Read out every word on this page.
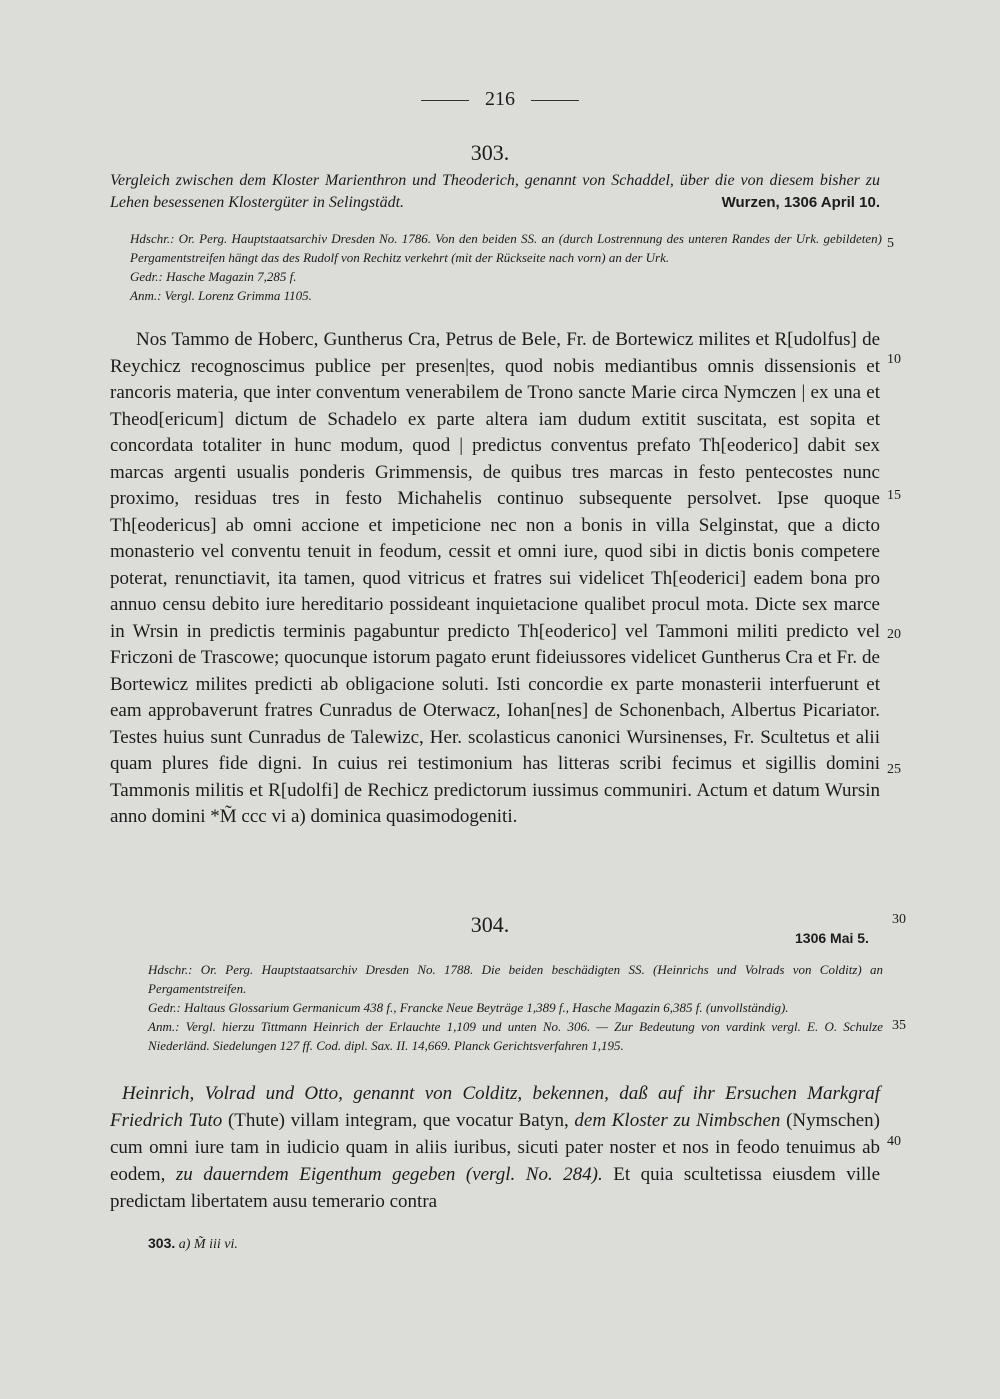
216
303.
Vergleich zwischen dem Kloster Marienthron und Theoderich, genannt von Schaddel, über die von diesem bisher zu Lehen besessenen Klostergüter in Selingstädt.	Wurzen, 1306 April 10.
Hdschr.: Or. Perg. Hauptstaatsarchiv Dresden No. 1786. Von den beiden SS. an (durch Lostrennung des unteren Randes der Urk. gebildeten) Pergamentstreifen hängt das des Rudolf von Rechitz verkehrt (mit der Rückseite nach vorn) an der Urk.
Gedr.: Hasche Magazin 7,285 f.
Anm.: Vergl. Lorenz Grimma 1105.
Nos Tammo de Hoberc, Guntherus Cra, Petrus de Bele, Fr. de Bortewicz milites et R[udolfus] de Reychicz recognoscimus publice per presen|tes, quod nobis mediantibus omnis dissensionis et rancoris materia, que inter conventum venerabilem de Trono sancte Marie circa Nymczen | ex una et Theod[ericum] dictum de Schadelo ex parte altera iam dudum extitit suscitata, est sopita et concordata totaliter in hunc modum, quod | predictus conventus prefato Th[eoderico] dabit sex marcas argenti usualis ponderis Grimmensis, de quibus tres marcas in festo pentecostes nunc proximo, residuas tres in festo Michahelis continuo subsequente persolvet. Ipse quoque Th[eodericus] ab omni accione et impeticione nec non a bonis in villa Selginstat, que a dicto monasterio vel conventu tenuit in feodum, cessit et omni iure, quod sibi in dictis bonis competere poterat, renunctiavit, ita tamen, quod vitricus et fratres sui videlicet Th[eoderici] eadem bona pro annuo censu debito iure hereditario possideant inquietacione qualibet procul mota. Dicte sex marce in Wrsin in predictis terminis pagabuntur predicto Th[eoderico] vel Tammoni militi predicto vel Friczoni de Trascowe; quocunque istorum pagato erunt fideiussores videlicet Guntherus Cra et Fr. de Bortewicz milites predicti ab obligacione soluti. Isti concordie ex parte monasterii interfuerunt et eam approbaverunt fratres Cunradus de Oterwacz, Iohan[nes] de Schonenbach, Albertus Picariator. Testes huius sunt Cunradus de Talewizc, Her. scolasticus canonici Wursinenses, Fr. Scultetus et alii quam plures fide digni. In cuius rei testimonium has litteras scribi fecimus et sigillis domini Tammonis militis et R[udolfi] de Rechicz predictorum iussimus communiri. Actum et datum Wursin anno domini *M̃ ccc vi a) dominica quasimodogeniti.
304.
1306 Mai 5.
Hdschr.: Or. Perg. Hauptstaatsarchiv Dresden No. 1788. Die beiden beschädigten SS. (Heinrichs und Volrads von Colditz) an Pergamentstreifen.
Gedr.: Haltaus Glossarium Germanicum 438 f., Francke Neue Beyträge 1,389 f., Hasche Magazin 6,385 f. (unvollständig).
Anm.: Vergl. hierzu Tittmann Heinrich der Erlauchte 1,109 und unten No. 306. — Zur Bedeutung von vardink vergl. E. O. Schulze Niederländ. Siedelungen 127 ff. Cod. dipl. Sax. II. 14,669. Planck Gerichtsverfahren 1,195.
Heinrich, Volrad und Otto, genannt von Colditz, bekennen, daß auf ihr Ersuchen Markgraf Friedrich Tuto (Thute) villam integram, que vocatur Batyn, dem Kloster zu Nimbschen (Nymschen) cum omni iure tam in iudicio quam in aliis iuribus, sicuti pater noster et nos in feodo tenuimus ab eodem, zu dauerndem Eigenthum gegeben (vergl. No. 284). Et quia scultetissa eiusdem ville predictam libertatem ausu temerario contra
5
10
15
20
25
30
35
40
303. a) M̃ iii vi.
